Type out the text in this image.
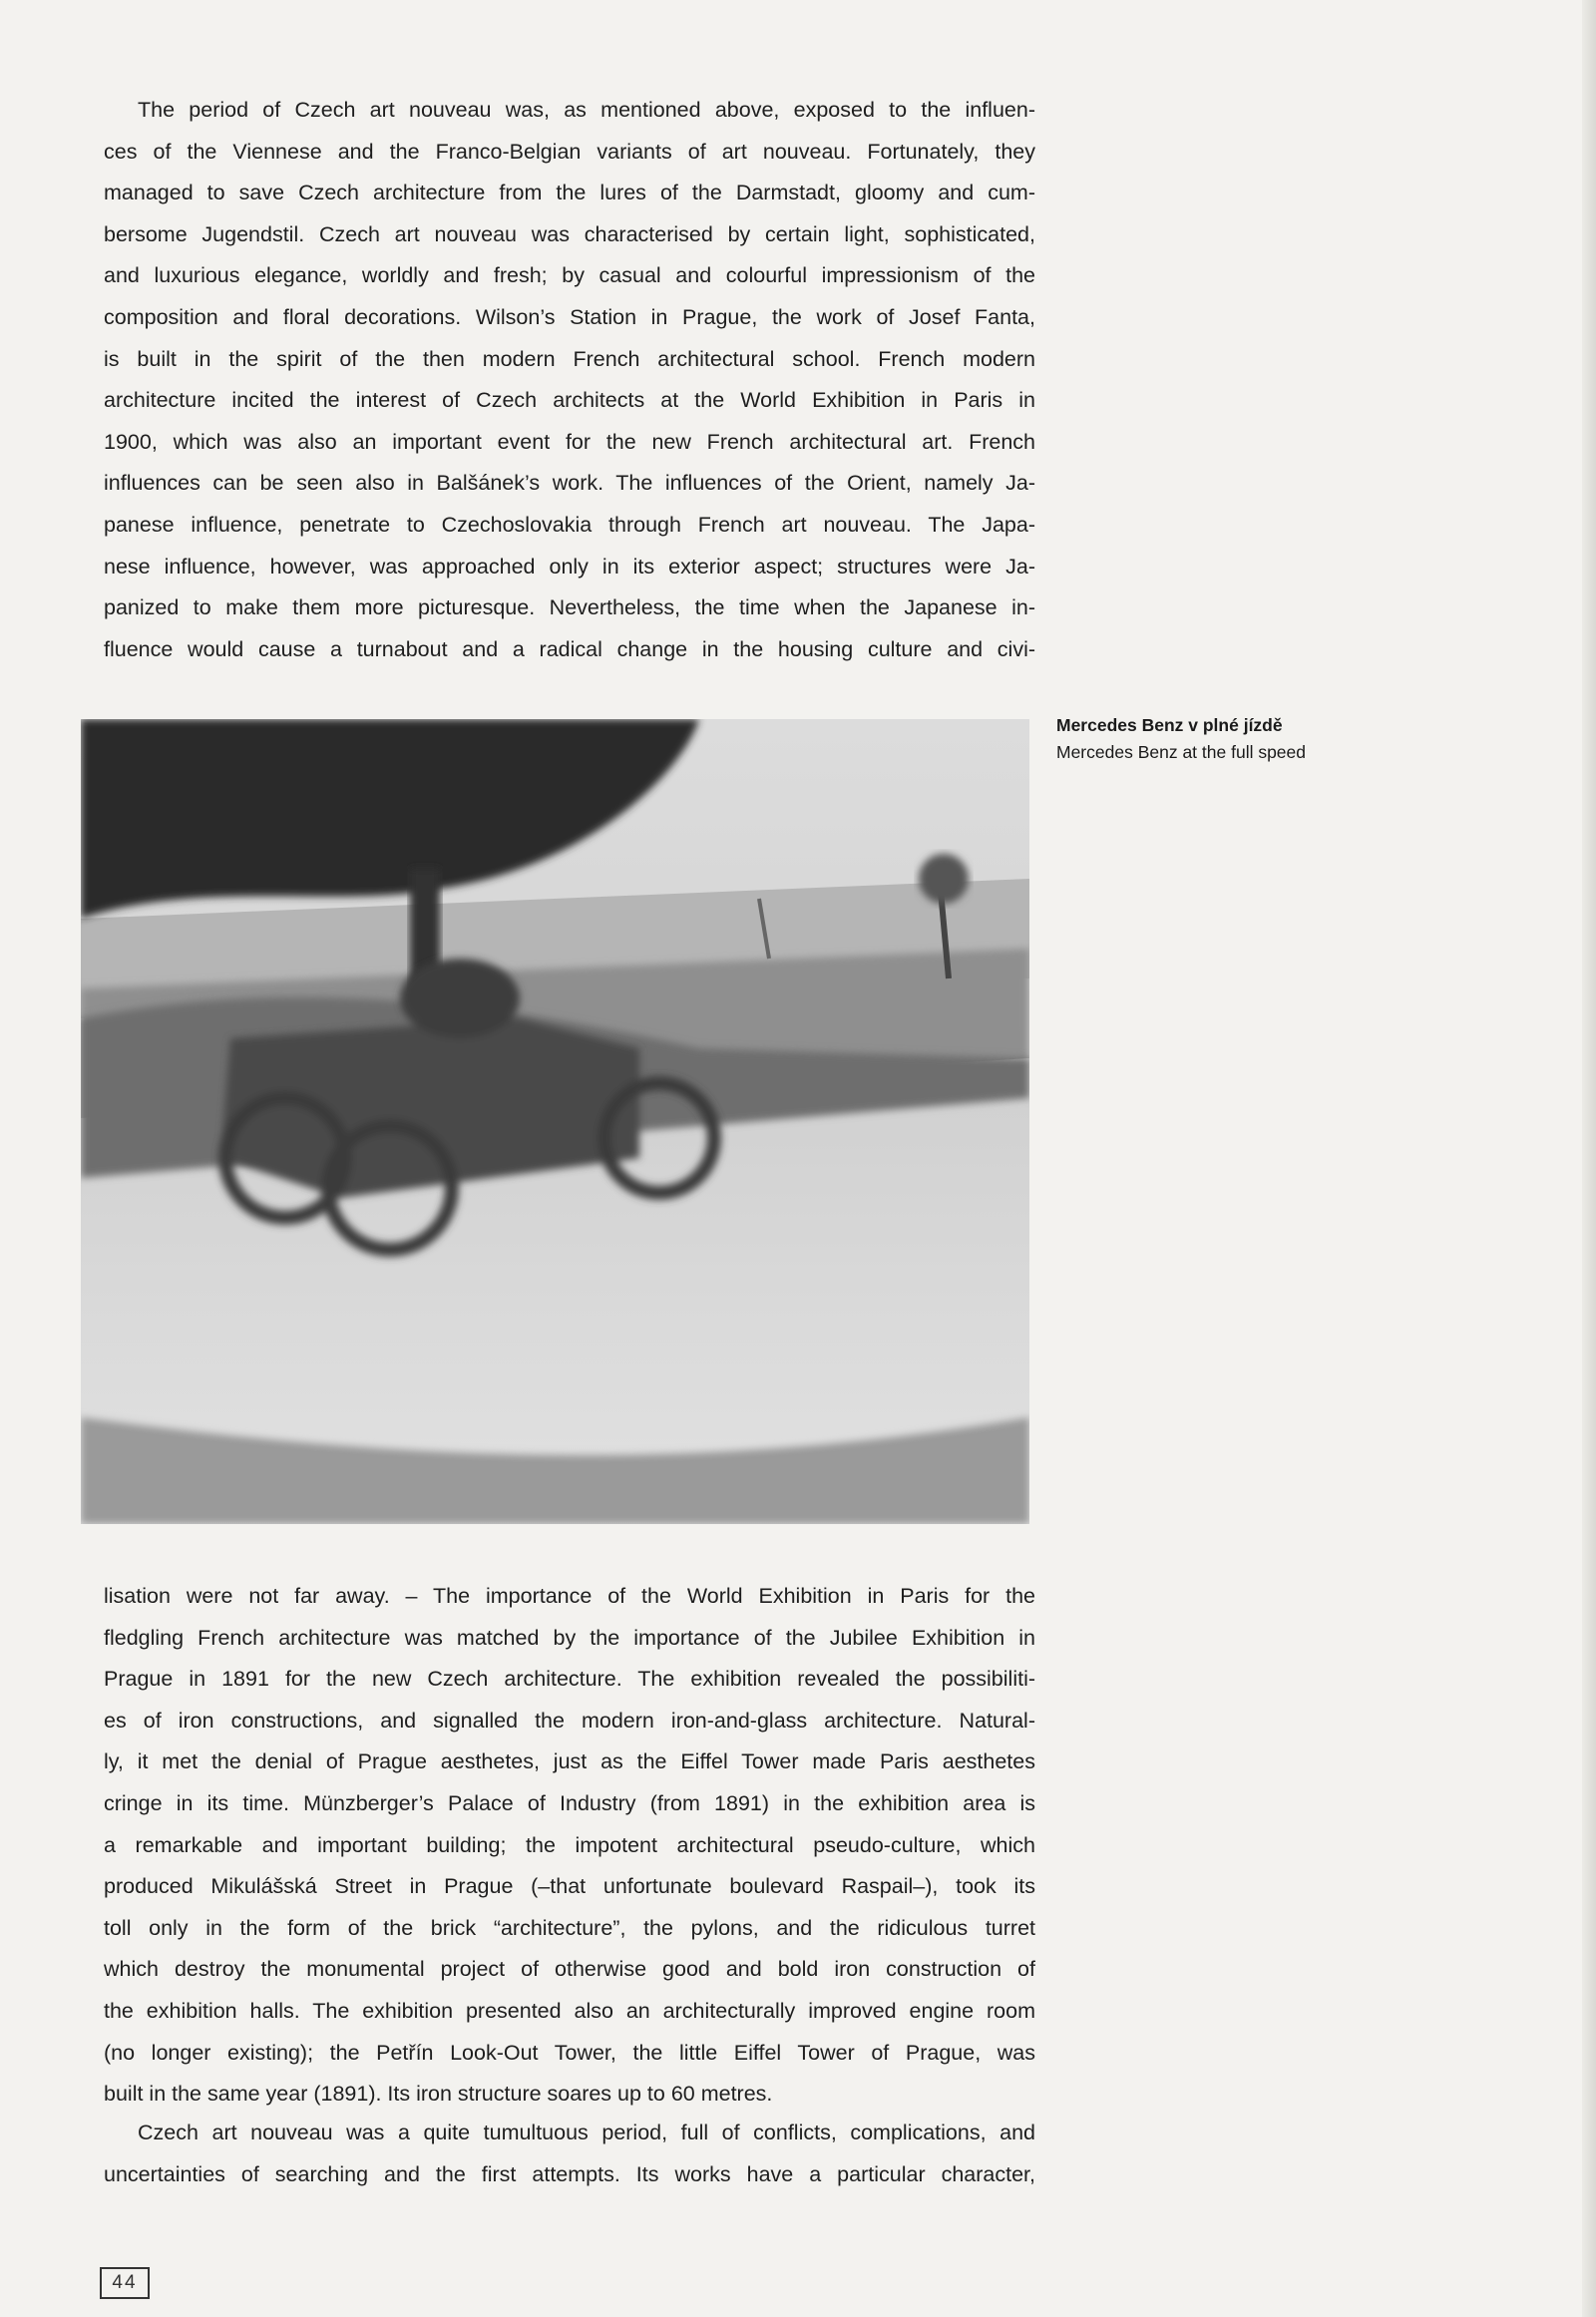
The period of Czech art nouveau was, as mentioned above, exposed to the influen-
ces of the Viennese and the Franco-Belgian variants of art nouveau. Fortunately, they
managed to save Czech architecture from the lures of the Darmstadt, gloomy and cum-
bersome Jugendstil. Czech art nouveau was characterised by certain light, sophisticated,
and luxurious elegance, worldly and fresh; by casual and colourful impressionism of the
composition and floral decorations. Wilson’s Station in Prague, the work of Josef Fanta,
is built in the spirit of the then modern French architectural school. French modern
architecture incited the interest of Czech architects at the World Exhibition in Paris in
1900, which was also an important event for the new French architectural art. French
influences can be seen also in Balšánek’s work. The influences of the Orient, namely Ja-
panese influence, penetrate to Czechoslovakia through French art nouveau. The Japa-
nese influence, however, was approached only in its exterior aspect; structures were Ja-
panized to make them more picturesque. Nevertheless, the time when the Japanese in-
fluence would cause a turnabout and a radical change in the housing culture and civi-
Mercedes Benz v plné jízdě
Mercedes Benz at the full speed
lisation were not far away. – The importance of the World Exhibition in Paris for the
fledgling French architecture was matched by the importance of the Jubilee Exhibition in
Prague in 1891 for the new Czech architecture. The exhibition revealed the possibiliti-
es of iron constructions, and signalled the modern iron-and-glass architecture. Natural-
ly, it met the denial of Prague aesthetes, just as the Eiffel Tower made Paris aesthetes
cringe in its time. Münzberger’s Palace of Industry (from 1891) in the exhibition area is
a remarkable and important building; the impotent architectural pseudo-culture, which
produced Mikulášská Street in Prague (–that unfortunate boulevard Raspail–), took its
toll only in the form of the brick “architecture”, the pylons, and the ridiculous turret
which destroy the monumental project of otherwise good and bold iron construction of
the exhibition halls. The exhibition presented also an architecturally improved engine room
(no longer existing); the Petřín Look-Out Tower, the little Eiffel Tower of Prague, was
built in the same year (1891). Its iron structure soares up to 60 metres.
Czech art nouveau was a quite tumultuous period, full of conflicts, complications, and
uncertainties of searching and the first attempts. Its works have a particular character,
44
